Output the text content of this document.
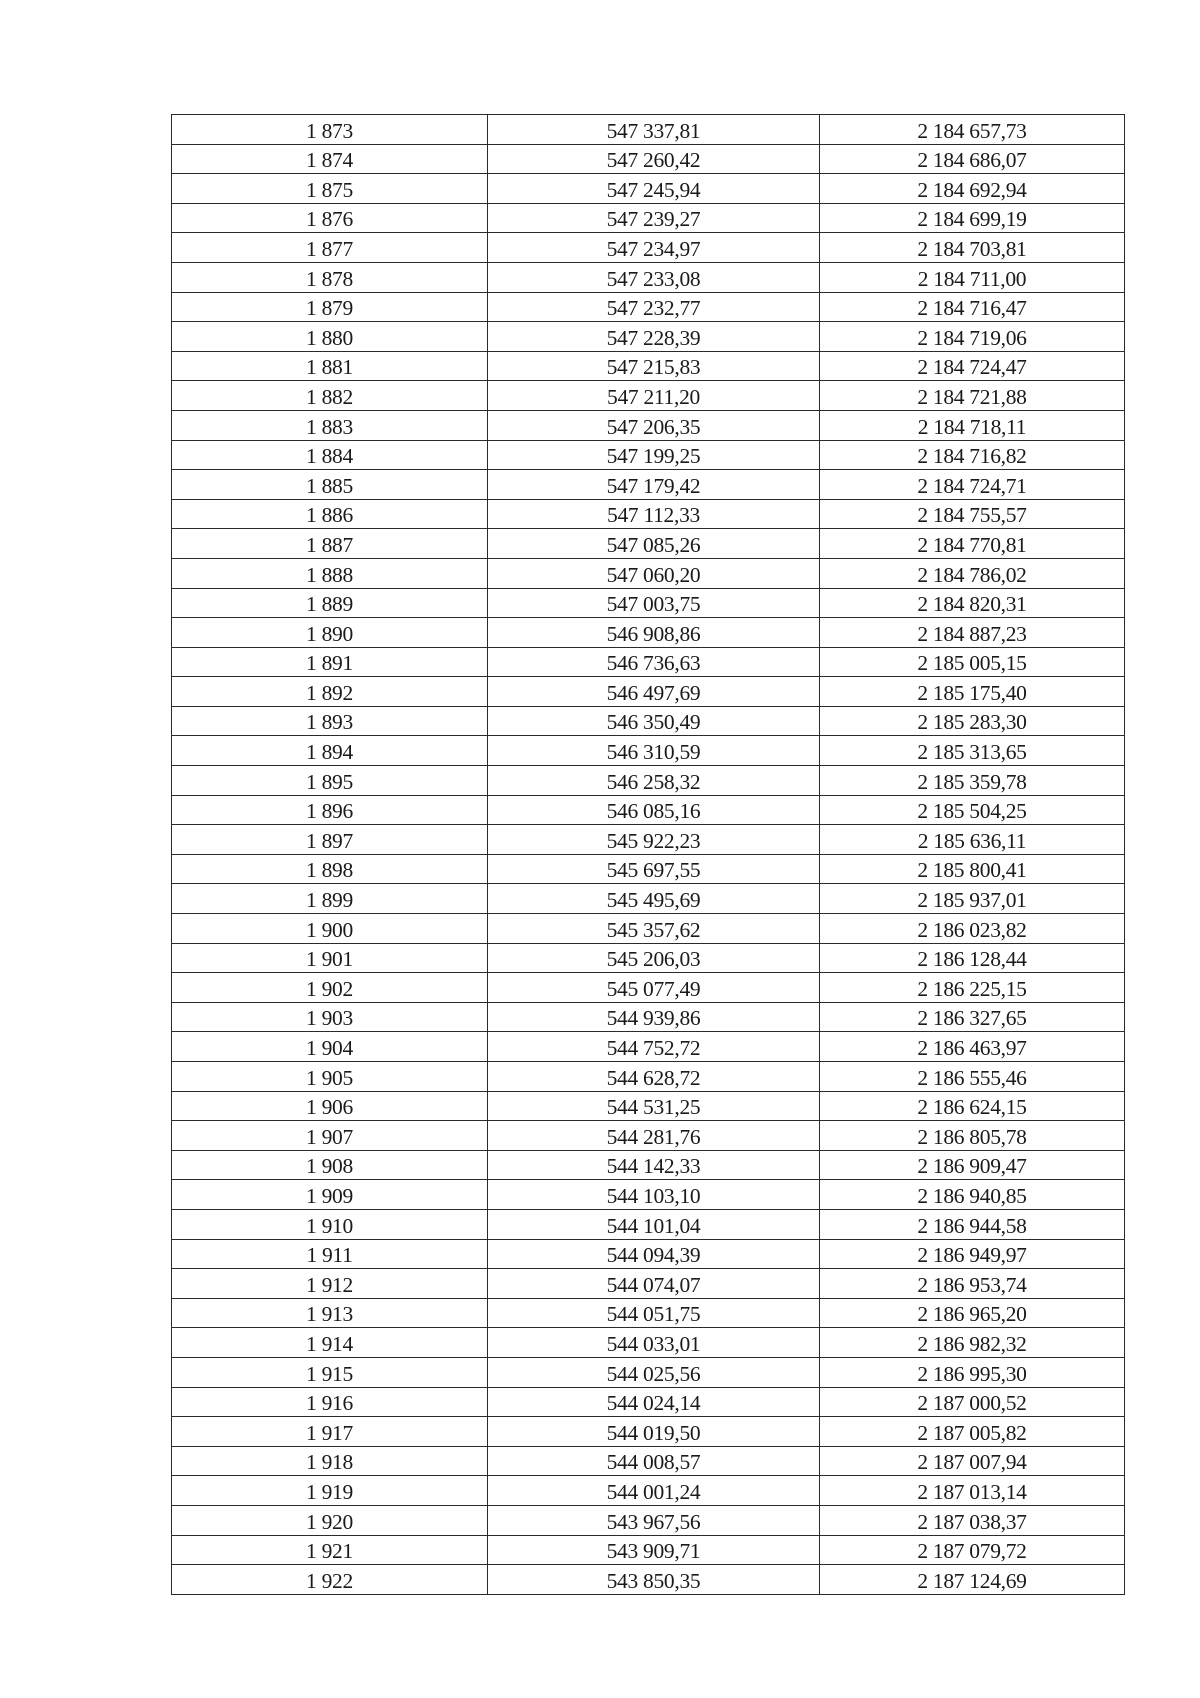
1 873	547 337,81	2 184 657,73
1 874	547 260,42	2 184 686,07
1 875	547 245,94	2 184 692,94
1 876	547 239,27	2 184 699,19
1 877	547 234,97	2 184 703,81
1 878	547 233,08	2 184 711,00
1 879	547 232,77	2 184 716,47
1 880	547 228,39	2 184 719,06
1 881	547 215,83	2 184 724,47
1 882	547 211,20	2 184 721,88
1 883	547 206,35	2 184 718,11
1 884	547 199,25	2 184 716,82
1 885	547 179,42	2 184 724,71
1 886	547 112,33	2 184 755,57
1 887	547 085,26	2 184 770,81
1 888	547 060,20	2 184 786,02
1 889	547 003,75	2 184 820,31
1 890	546 908,86	2 184 887,23
1 891	546 736,63	2 185 005,15
1 892	546 497,69	2 185 175,40
1 893	546 350,49	2 185 283,30
1 894	546 310,59	2 185 313,65
1 895	546 258,32	2 185 359,78
1 896	546 085,16	2 185 504,25
1 897	545 922,23	2 185 636,11
1 898	545 697,55	2 185 800,41
1 899	545 495,69	2 185 937,01
1 900	545 357,62	2 186 023,82
1 901	545 206,03	2 186 128,44
1 902	545 077,49	2 186 225,15
1 903	544 939,86	2 186 327,65
1 904	544 752,72	2 186 463,97
1 905	544 628,72	2 186 555,46
1 906	544 531,25	2 186 624,15
1 907	544 281,76	2 186 805,78
1 908	544 142,33	2 186 909,47
1 909	544 103,10	2 186 940,85
1 910	544 101,04	2 186 944,58
1 911	544 094,39	2 186 949,97
1 912	544 074,07	2 186 953,74
1 913	544 051,75	2 186 965,20
1 914	544 033,01	2 186 982,32
1 915	544 025,56	2 186 995,30
1 916	544 024,14	2 187 000,52
1 917	544 019,50	2 187 005,82
1 918	544 008,57	2 187 007,94
1 919	544 001,24	2 187 013,14
1 920	543 967,56	2 187 038,37
1 921	543 909,71	2 187 079,72
1 922	543 850,35	2 187 124,69
